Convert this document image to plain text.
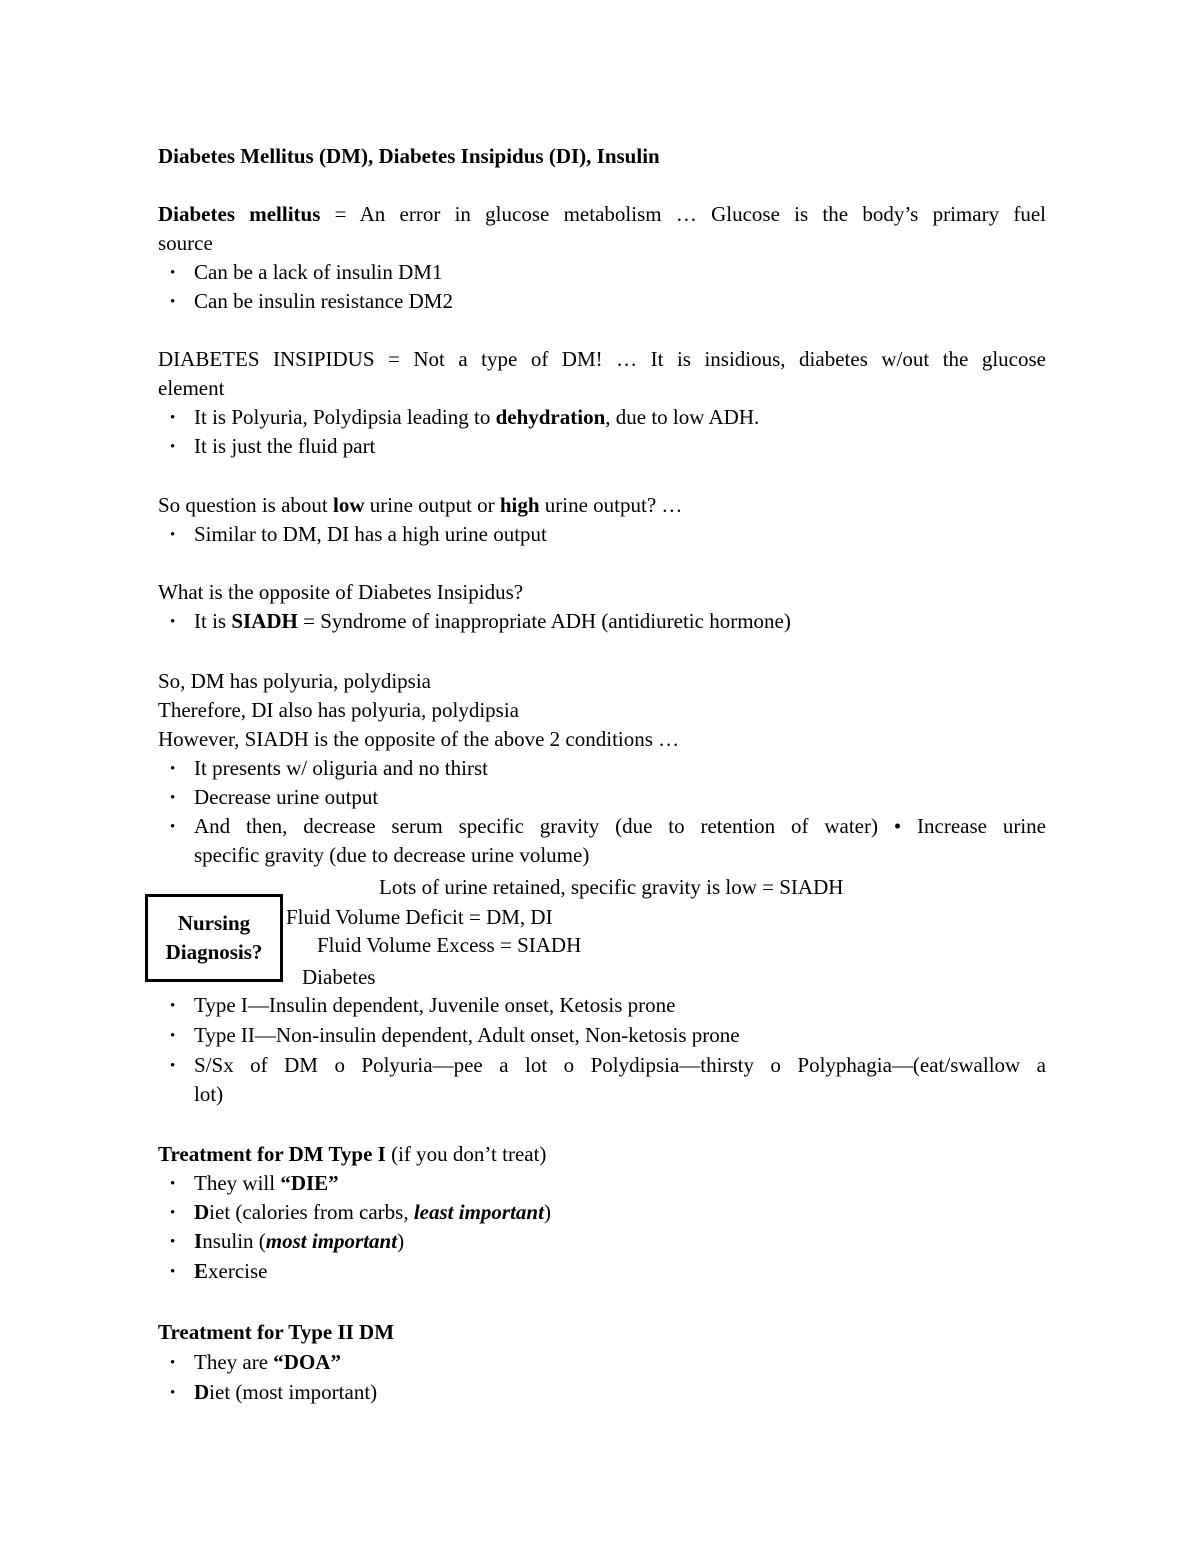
Diabetes Mellitus (DM), Diabetes Insipidus (DI), Insulin
Diabetes mellitus = An error in glucose metabolism … Glucose is the body’s primary fuel
source
• Can be a lack of insulin DM1
• Can be insulin resistance DM2
DIABETES INSIPIDUS = Not a type of DM! … It is insidious, diabetes w/out the glucose
element
• It is Polyuria, Polydipsia leading to dehydration, due to low ADH.
• It is just the fluid part
So question is about low urine output or high urine output? …
• Similar to DM, DI has a high urine output
What is the opposite of Diabetes Insipidus?
• It is SIADH = Syndrome of inappropriate ADH (antidiuretic hormone)
So, DM has polyuria, polydipsia
Therefore, DI also has polyuria, polydipsia
However, SIADH is the opposite of the above 2 conditions …
• It presents w/ oliguria and no thirst
• Decrease urine output
• And then, decrease serum specific gravity (due to retention of water) • Increase urine
specific gravity (due to decrease urine volume)
Lots of urine retained, specific gravity is low = SIADH
Fluid Volume Deficit = DM, DI
Fluid Volume Excess = SIADH
Diabetes
Nursing
Diagnosis?
• Type I—Insulin dependent, Juvenile onset, Ketosis prone
• Type II—Non-insulin dependent, Adult onset, Non-ketosis prone
• S/Sx of DM o Polyuria—pee a lot o Polydipsia—thirsty o Polyphagia—(eat/swallow a
lot)
Treatment for DM Type I (if you don’t treat)
• They will “DIE”
• Diet (calories from carbs, least important)
• Insulin (most important)
• Exercise
Treatment for Type II DM
• They are “DOA”
• Diet (most important)
